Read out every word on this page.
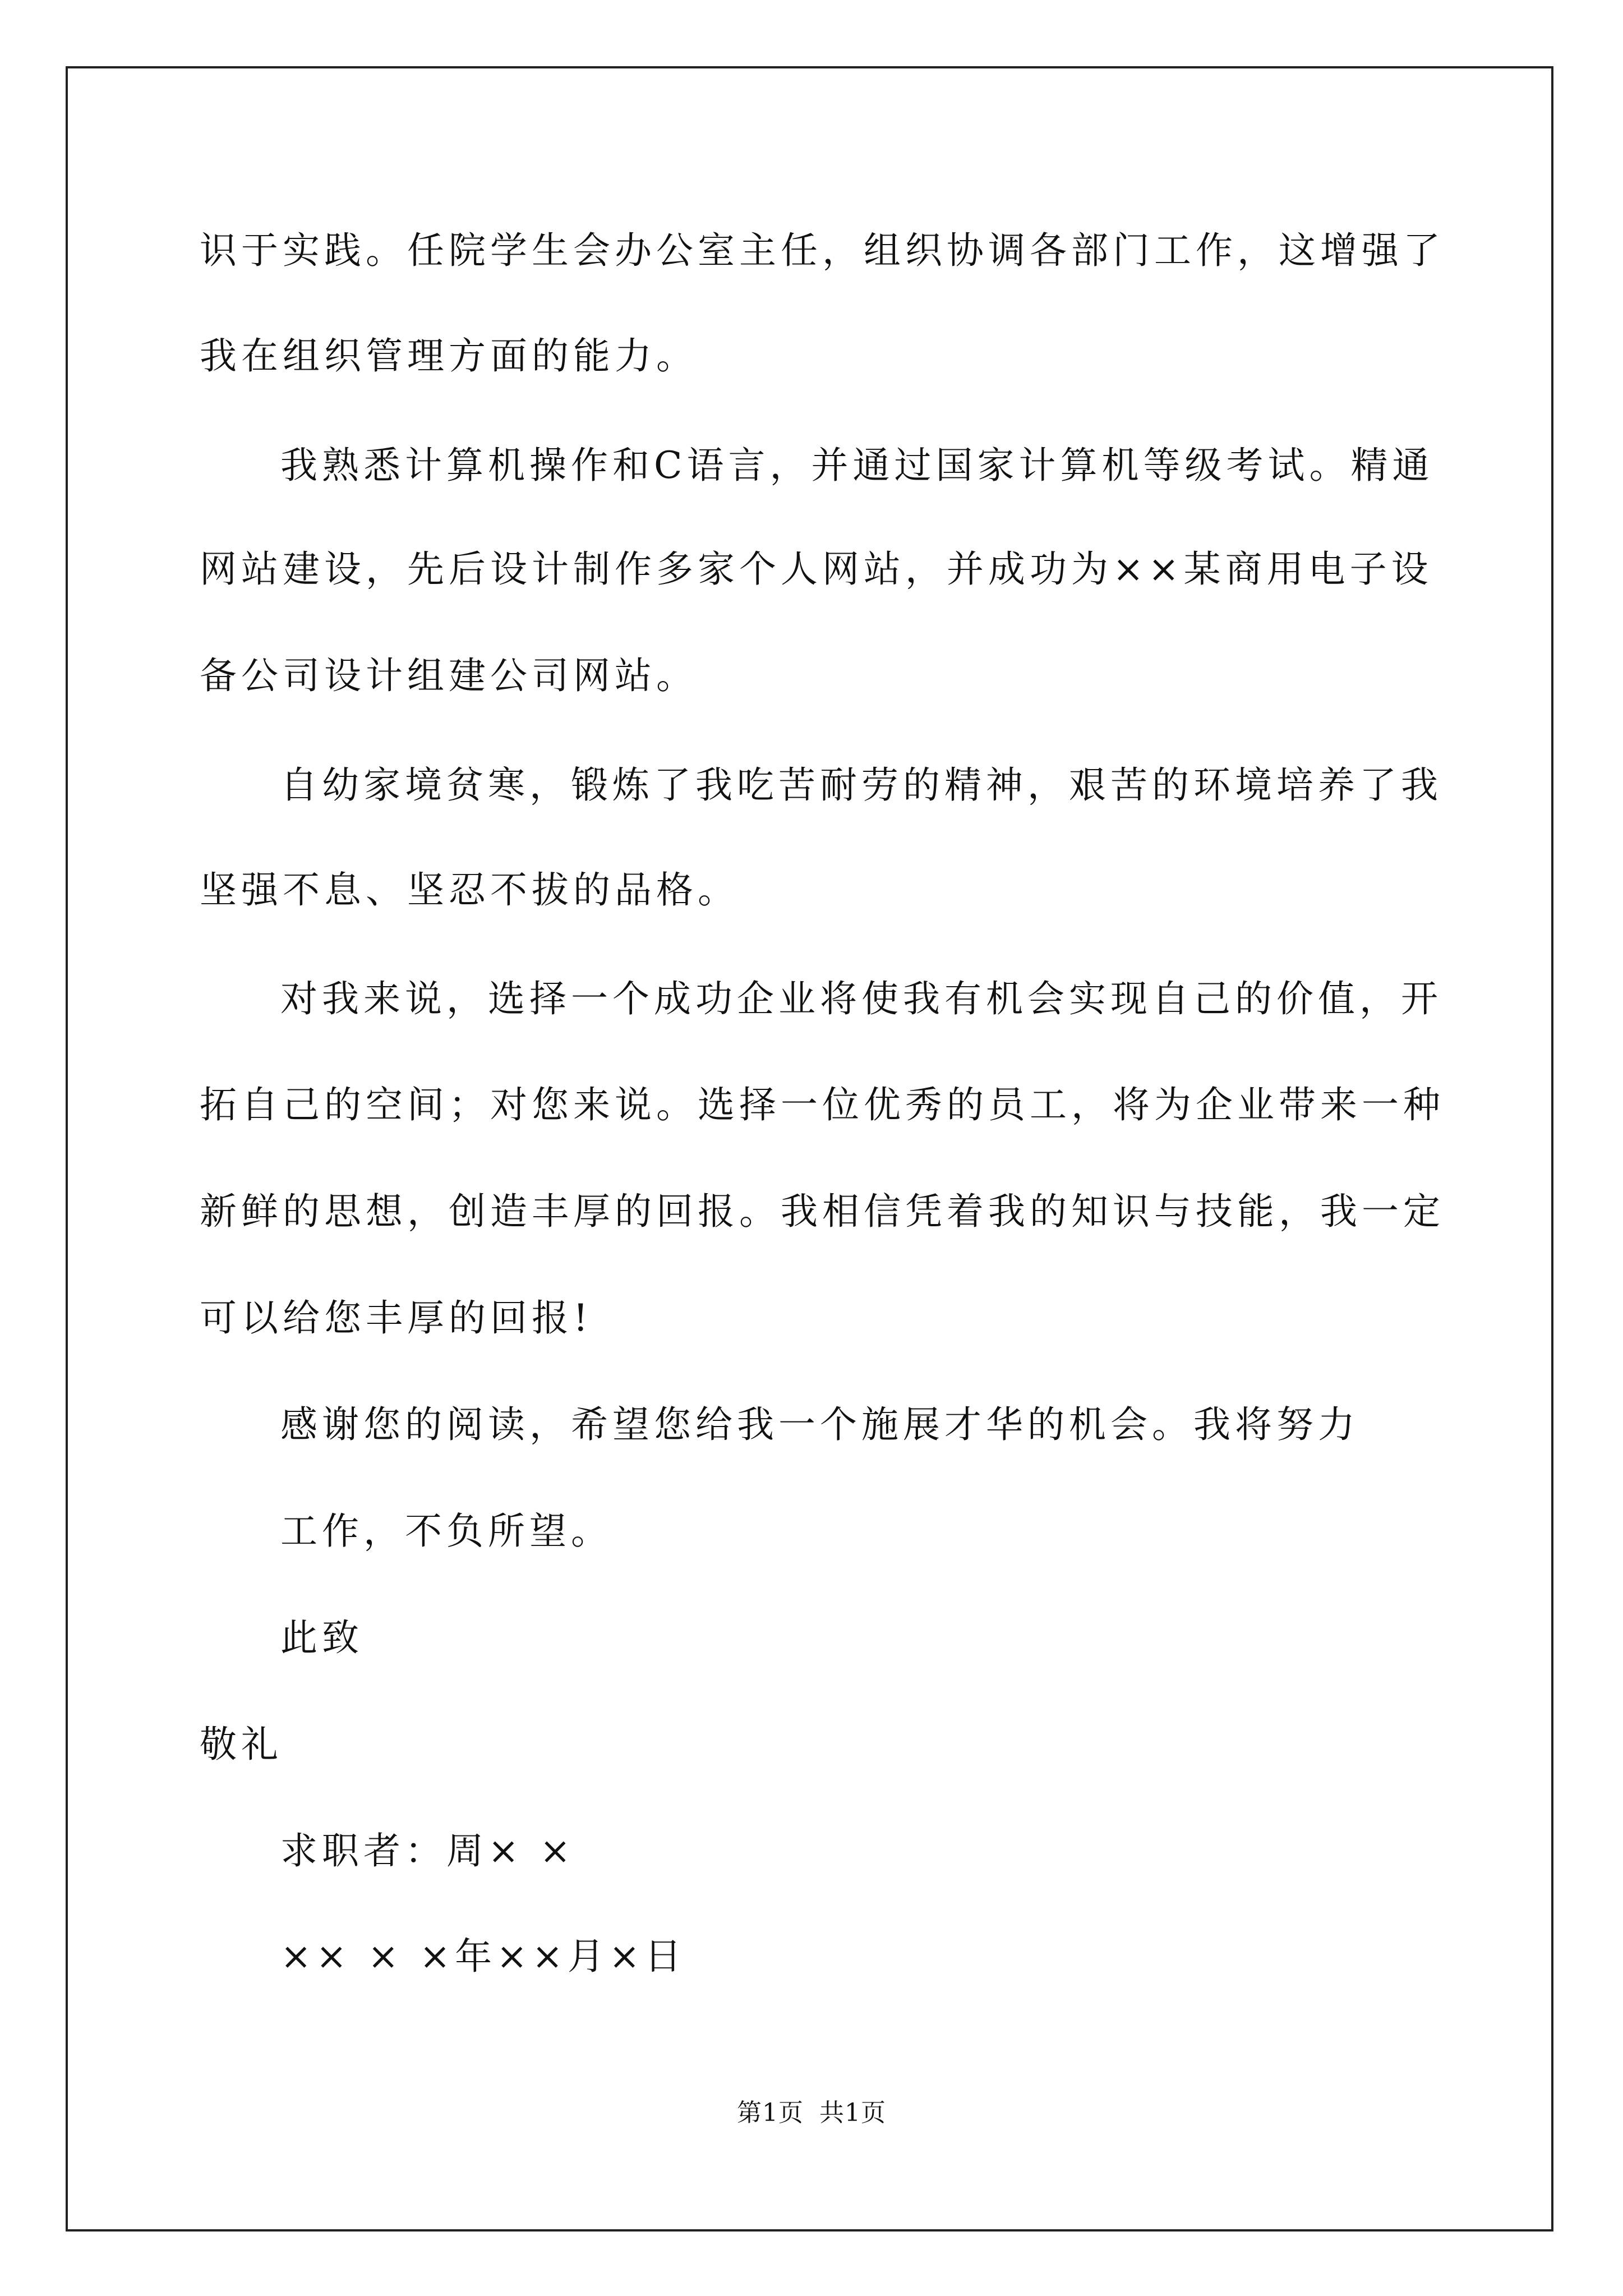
识于实践。任院学生会办公室主任，组织协调各部门工作，这增强了
我在组织管理方面的能力。
我熟悉计算机操作和C语言，并通过国家计算机等级考试。精通
网站建设，先后设计制作多家个人网站，并成功为××某商用电子设
备公司设计组建公司网站。
自幼家境贫寒，锻炼了我吃苦耐劳的精神，艰苦的环境培养了我
坚强不息、坚忍不拔的品格。
对我来说，选择一个成功企业将使我有机会实现自己的价值，开
拓自己的空间；对您来说。选择一位优秀的员工，将为企业带来一种
新鲜的思想，创造丰厚的回报。我相信凭着我的知识与技能，我一定
可以给您丰厚的回报!
感谢您的阅读，希望您给我一个施展才华的机会。我将努力
工作，不负所望。
此致
敬礼
求职者：周× ×
×× × ×年××月×日
第1页 共1页
